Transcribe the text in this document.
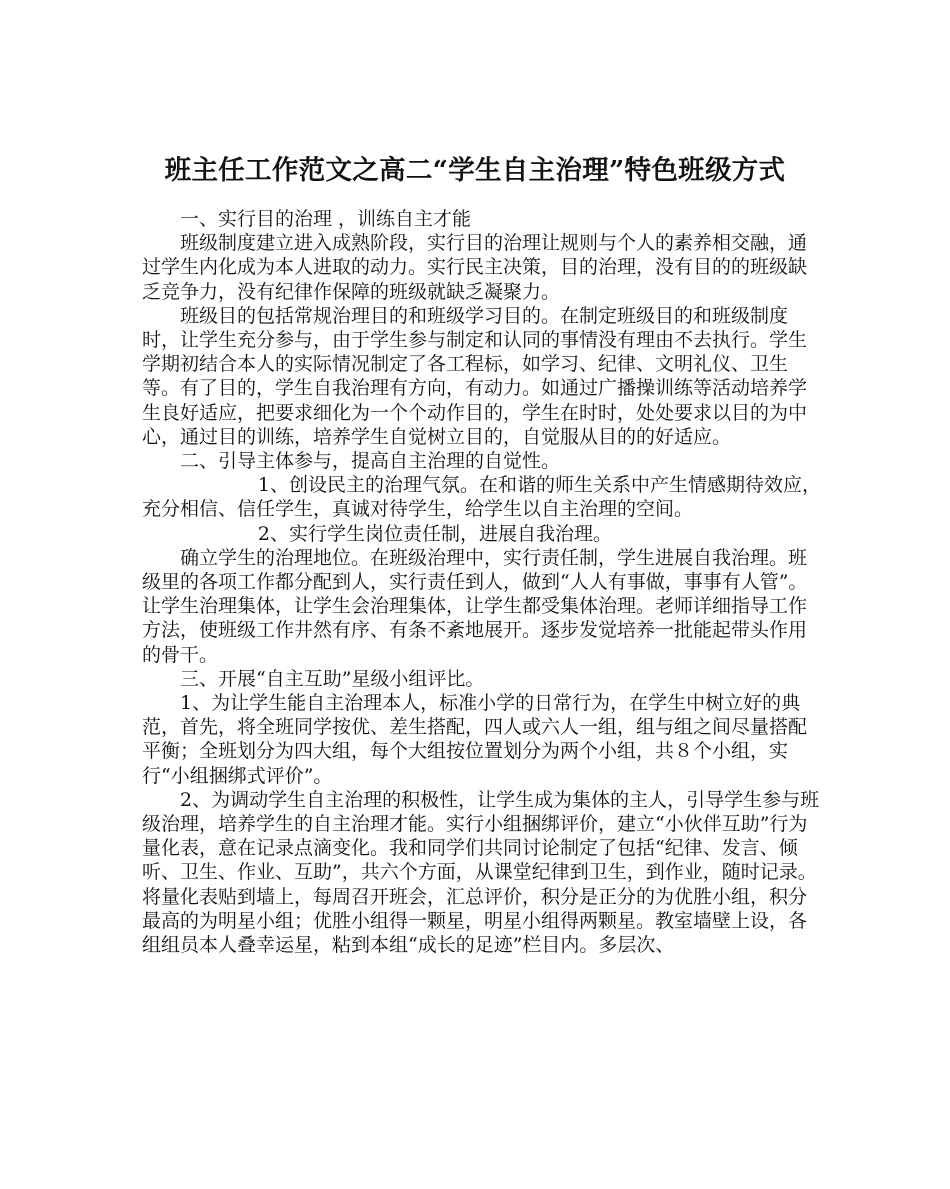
班主任工作范文之高二“学生自主治理”特色班级方式

一、实行目的治理 ，训练自主才能

班级制度建立进入成熟阶段，实行目的治理让规则与个人的素养相交融，通过学生内化成为本人进取的动力。实行民主决策，目的治理，没有目的的班级缺乏竞争力，没有纪律作保障的班级就缺乏凝聚力。

班级目的包括常规治理目的和班级学习目的。在制定班级目的和班级制度时，让学生充分参与，由于学生参与制定和认同的事情没有理由不去执行。学生学期初结合本人的实际情况制定了各工程标，如学习、纪律、文明礼仪、卫生等。有了目的，学生自我治理有方向，有动力。如通过广播操训练等活动培养学生良好适应，把要求细化为一个个动作目的，学生在时时，处处要求以目的为中心，通过目的训练，培养学生自觉树立目的，自觉服从目的的好适应。

二、引导主体参与，提高自主治理的自觉性。

1、创设民主的治理气氛。在和谐的师生关系中产生情感期待效应，充分相信、信任学生，真诚对待学生，给学生以自主治理的空间。

2、实行学生岗位责任制，进展自我治理。

确立学生的治理地位。在班级治理中，实行责任制，学生进展自我治理。班级里的各项工作都分配到人，实行责任到人，做到“人人有事做，事事有人管”。让学生治理集体，让学生会治理集体，让学生都受集体治理。老师详细指导工作方法，使班级工作井然有序、有条不紊地展开。逐步发觉培养一批能起带头作用的骨干。

三、开展“自主互助”星级小组评比。

1、为让学生能自主治理本人，标准小学的日常行为，在学生中树立好的典范，首先，将全班同学按优、差生搭配，四人或六人一组，组与组之间尽量搭配平衡；全班划分为四大组，每个大组按位置划分为两个小组，共８个小组，实行“小组捆绑式评价”。

2、为调动学生自主治理的积极性，让学生成为集体的主人，引导学生参与班级治理，培养学生的自主治理才能。实行小组捆绑评价，建立“小伙伴互助”行为量化表，意在记录点滴变化。我和同学们共同讨论制定了包括“纪律、发言、倾听、卫生、作业、互助”，共六个方面，从课堂纪律到卫生，到作业，随时记录。将量化表贴到墙上，每周召开班会，汇总评价，积分是正分的为优胜小组，积分最高的为明星小组；优胜小组得一颗星，明星小组得两颗星。教室墙壁上设，各组组员本人叠幸运星，粘到本组“成长的足迹”栏目内。多层次、
